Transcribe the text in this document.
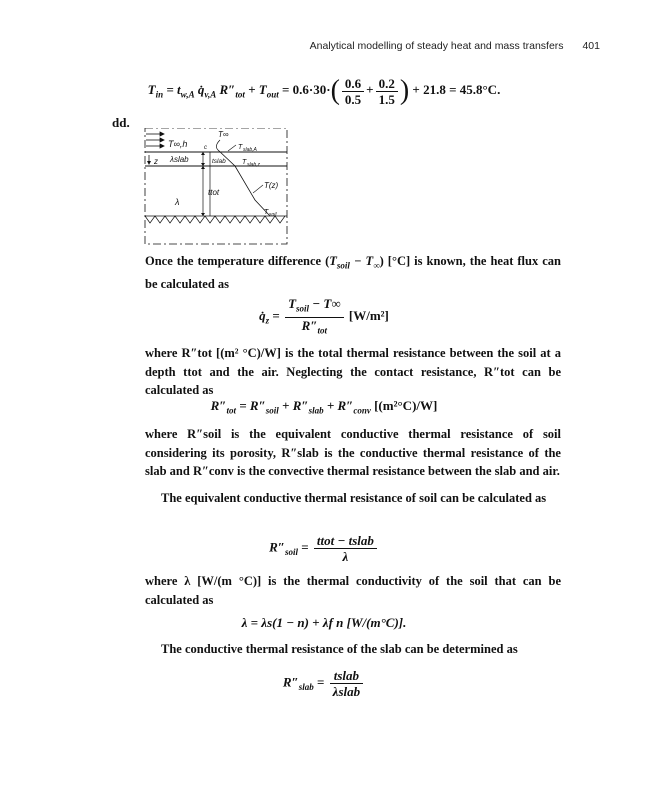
Analytical modelling of steady heat and mass transfers 401
$T_{in} = t_{w,A}$ $q̇_{v,A}$ $R''_{tot} + T_{out} = 0.6\cdot 30\cdot( \frac{0.6}{0.5} + \frac{0.2}{1.5}$ ) + 21.8 = 45.8°C.
dd.
T∞,h	c
T∞
T slab,A
z λslab	tslab T slab,z
T(z)
ttot
λ
T soil
Once the temperature difference $(T_{soil} - T_\infty)$ [°C] is known, the heat flux can be calculated as
$q̇_z = \frac{T_{soil} - T\infty}{R''_{tot}} [W/m^2]$
where R″tot [(m² °C)/W] is the total thermal resistance between the soil at a depth ttot and the air. Neglecting the contact resistance, R″tot can be calculated as
$R''_{tot} = R''_{soil} + R''_{slab} + R''_{conv}$ [(m²°C)/W]
where R″soil is the equivalent conductive thermal resistance of soil considering its porosity, R″slab is the conductive thermal resistance of the slab and R″conv is the convective thermal resistance between the slab and air.
The equivalent conductive thermal resistance of soil can be calculated as
$R''_{soil} = \frac{\text{ttot − tslab}}{\lambda}$
where λ [W/(m °C)] is the thermal conductivity of the soil that can be calculated as
λ = λs(1 − n) + λf n [W/(m°C)].
The conductive thermal resistance of the slab can be determined as
$R''_{slab} = \frac{\text{tslab}}{\text{λslab}}$
